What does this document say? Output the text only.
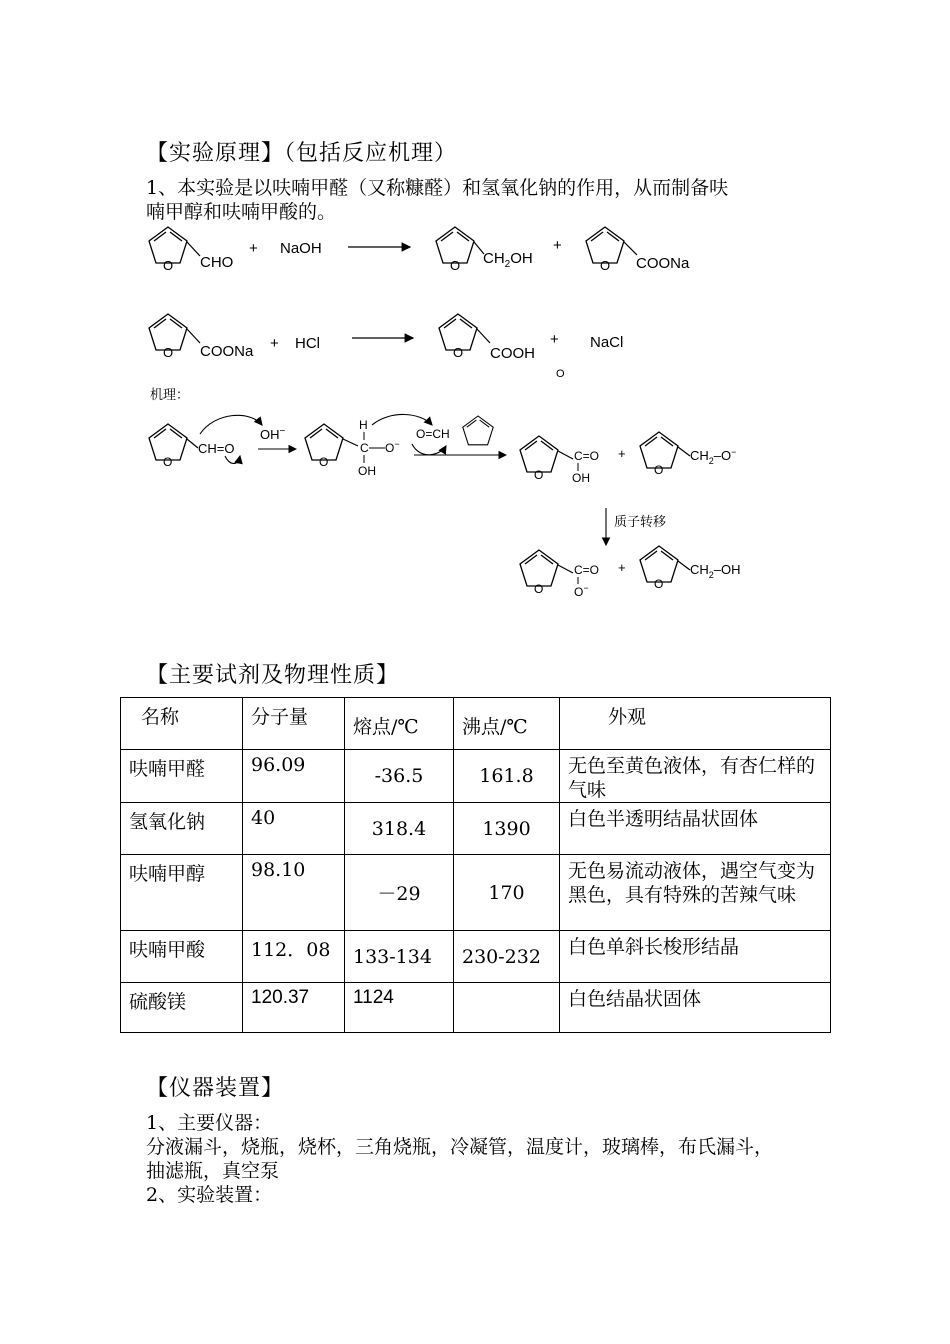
【实验原理】（包括反应机理）
1、本实验是以呋喃甲醛（又称糠醛）和氢氧化钠的作用，从而制备呋
喃甲醇和呋喃甲酸的。
O CHO
+ NaOH
O $CH_2OH$
+
O COONa
O COONa + HCl
O COOH
+ NaCl
O
机理：
O
CH=O
OH−
O
H
C O−
OH
O=CH
O
C=O
OH
+
O
$CH_2-O^-$
质子转移
O
C=O
O−
+
O
$CH_2-OH$
【主要试剂及物理性质】
名称	分子量	熔点/℃	沸点/℃	外观

呋喃甲醛	96.09	-36.5	161.8	无色至黄色液体，有杏仁样的气味

氢氧化钠	40	318.4	1390	白色半透明结晶状固体

呋喃甲醇	98.10	－29	170	无色易流动液体，遇空气变为黑色，具有特殊的苦辣气味

呋喃甲酸	112．08	133-134	230-232	白色单斜长梭形结晶

硫酸镁	120.37	1124		白色结晶状固体
【仪器装置】
1、主要仪器：
分液漏斗，烧瓶，烧杯，三角烧瓶，冷凝管，温度计，玻璃棒，布氏漏斗，
抽滤瓶，真空泵
2、实验装置：
